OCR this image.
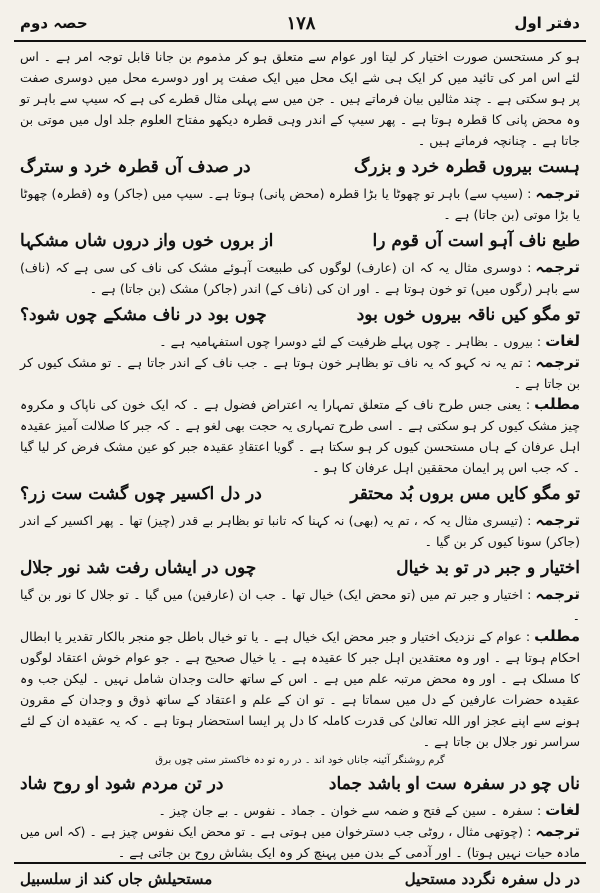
دفتر اول
۱۷۸
حصہ دوم

ہو کر مستحسن صورت اختیار کر لیتا اور عوام سے متعلق ہو کر مذموم بن جانا قابل توجہ امر ہے ۔ اس لئے اس امر کی تائید میں کر ایک ہی شے ایک محل میں ایک صفت پر اور دوسرے محل میں دوسری صفت پر ہو سکتی ہے ۔ چند مثالیں بیان فرماتے ہیں ۔ جن میں سے پہلی مثال قطرے کی ہے کہ سیپ سے باہر تو وہ محض پانی کا قطرہ ہوتا ہے ۔ پھر سیپ کے اندر وہی قطرہ دیکھو مفتاح العلوم جلد اول میں موتی بن جاتا ہے ۔ چنانچہ فرماتے ہیں ۔

ہست بیروں قطرہ خرد و بزرگ
در صدف آں قطرہ خرد و سترگ

ترجمہ: (سیپ سے) باہر تو چھوٹا یا بڑا قطرہ (محض پانی) ہوتا ہے۔ سیپ میں (جاکر) وہ (قطرہ) چھوٹا یا بڑا موتی (بن جاتا) ہے ۔

طبع ناف آہو است آں قوم را
از بروں خوں واز دروں شاں مشکہا

ترجمہ: دوسری مثال یہ کہ ان (عارف) لوگوں کی طبیعت آہوئے مشک کی ناف کی سی ہے کہ (ناف) سے باہر (رگوں میں) تو خون ہوتا ہے ۔ اور ان کی (ناف کے) اندر (جاکر) مشک (بن جاتا) ہے ۔

تو مگو کیں ناقہ بیروں خوں بود
چوں بود در ناف مشکے چوں شود؟

لغات: بیروں ۔ بظاہر ۔ چوں پہلے ظرفیت کے لئے دوسرا چوں استفہامیہ ہے ۔

ترجمہ: تم یہ نہ کہو کہ یہ ناف تو بظاہر خون ہوتا ہے ۔ جب ناف کے اندر جاتا ہے ۔ تو مشک کیوں کر بن جاتا ہے ۔

مطلب: یعنی جس طرح ناف کے متعلق تمہارا یہ اعتراض فضول ہے ۔ کہ ایک خون کی ناپاک و مکروہ چیز مشک کیوں کر ہو سکتی ہے ۔ اسی طرح تمہاری یہ حجت بھی لغو ہے ۔ کہ جبر کا صلالت آمیز عقیدہ اہل عرفان کے ہاں مستحسن کیوں کر ہو سکتا ہے ۔ گویا اعتقادِ عقیدہ جبر کو عین مشک فرض کر لیا گیا ۔ کہ جب اس پر ایمان محققین اہل عرفان کا ہو ۔

تو مگو کایں مس بروں بُد محتقر
در دل اکسیر چوں گشت ست زر؟

ترجمہ: (تیسری مثال یہ کہ ، تم یہ (بھی) نہ کہنا کہ تانبا تو بظاہر بے قدر (چیز) تھا ۔ پھر اکسیر کے اندر (جاکر) سونا کیوں کر بن گیا ۔

اختیار و جبر در تو بد خیال
چوں در ایشاں رفت شد نور جلال

ترجمہ: اختیار و جبر تم میں (تو محض ایک) خیال تھا ۔ جب ان (عارفین) میں گیا ۔ تو جلال کا نور بن گیا ۔

مطلب: عوام کے نزدیک اختیار و جبر محض ایک خیال ہے ۔ یا تو خیال باطل جو منجر بالکار تقدیر یا ابطال احکام ہوتا ہے ۔ اور وہ معتقدین اہل جبر کا عقیدہ ہے ۔ یا خیال صحیح ہے ۔ جو عوام خوش اعتقاد لوگوں کا مسلک ہے ۔ اور وہ محض مرتبہ علم میں ہے ۔ اس کے ساتھ حالت وجدان شامل نہیں ۔ لیکن جب وہ عقیدہ حضرات عارفین کے دل میں سماتا ہے ۔ تو ان کے علم و اعتقاد کے ساتھ ذوق و وجدان کے مقرون ہونے سے اپنے عجز اور اللہ تعالیٰ کی قدرت کاملہ کا دل پر ایسا استحضار ہوتا ہے ۔ کہ یہ عقیدہ ان کے لئے سراسر نور جلال بن جاتا ہے ۔

گرم روشنگر آئینہ جاناں خود اند ۔ در رہ تو دہ خاکستر ستی چوں برق
ناں چو در سفرہ ست او باشد جماد
در تن مردم شود او روح شاد

لغات: سفرہ ۔ سین کے فتح و ضمہ سے خوان ۔ جماد ۔ نفوس ۔ بے جان چیز ۔

ترجمہ: (چوتھی مثال ، روٹی جب دسترخوان میں ہوتی ہے ۔ تو محض ایک نفوس چیز ہے ۔ (کہ اس میں مادہ حیات نہیں ہوتا) ۔ اور آدمی کے بدن میں پہنچ کر وہ ایک بشاش روح بن جاتی ہے ۔

در دل سفرہ نگردد مستحیل
مستحیلش جاں کند از سلسبیل
